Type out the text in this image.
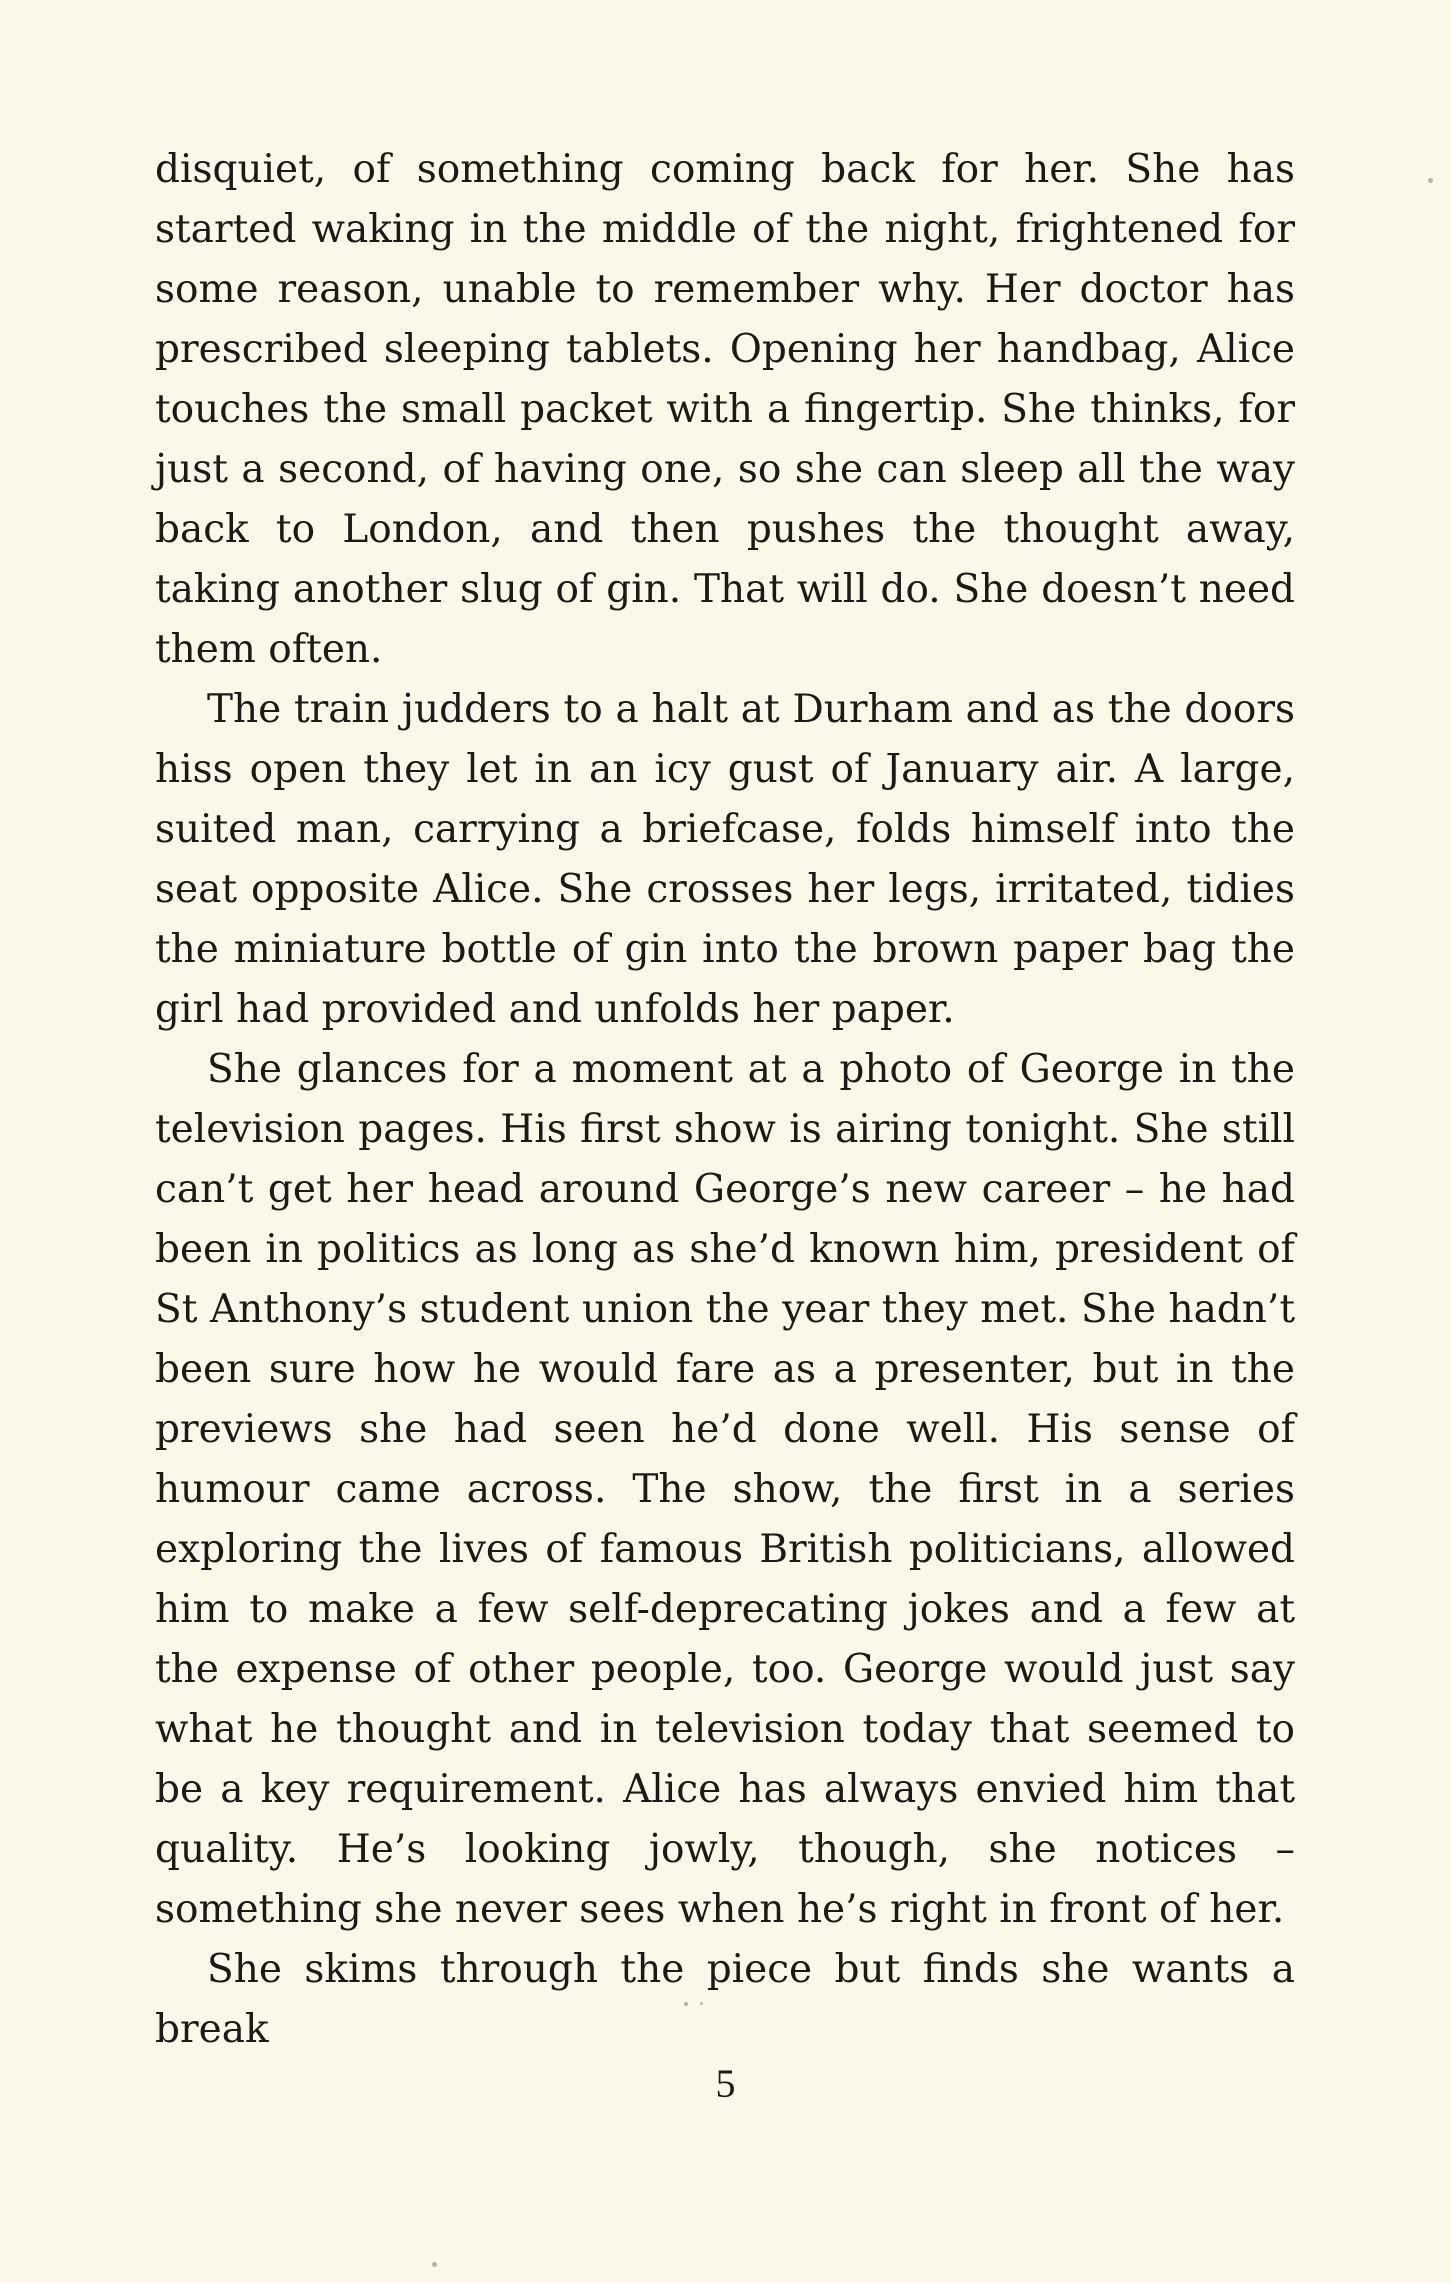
disquiet, of something coming back for her. She has started waking in the middle of the night, frightened for some reason, unable to remember why. Her doctor has prescribed sleeping tablets. Opening her handbag, Alice touches the small packet with a fingertip. She thinks, for just a second, of having one, so she can sleep all the way back to London, and then pushes the thought away, taking another slug of gin. That will do. She doesn’t need them often.

The train judders to a halt at Durham and as the doors hiss open they let in an icy gust of January air. A large, suited man, carrying a briefcase, folds himself into the seat opposite Alice. She crosses her legs, irritated, tidies the miniature bottle of gin into the brown paper bag the girl had provided and unfolds her paper.

She glances for a moment at a photo of George in the television pages. His first show is airing tonight. She still can’t get her head around George’s new career – he had been in politics as long as she’d known him, president of St Anthony’s student union the year they met. She hadn’t been sure how he would fare as a presenter, but in the previews she had seen he’d done well. His sense of humour came across. The show, the first in a series exploring the lives of famous British politicians, allowed him to make a few self-deprecating jokes and a few at the expense of other people, too. George would just say what he thought and in television today that seemed to be a key requirement. Alice has always envied him that quality. He’s looking jowly, though, she notices – something she never sees when he’s right in front of her.

She skims through the piece but finds she wants a break

5
